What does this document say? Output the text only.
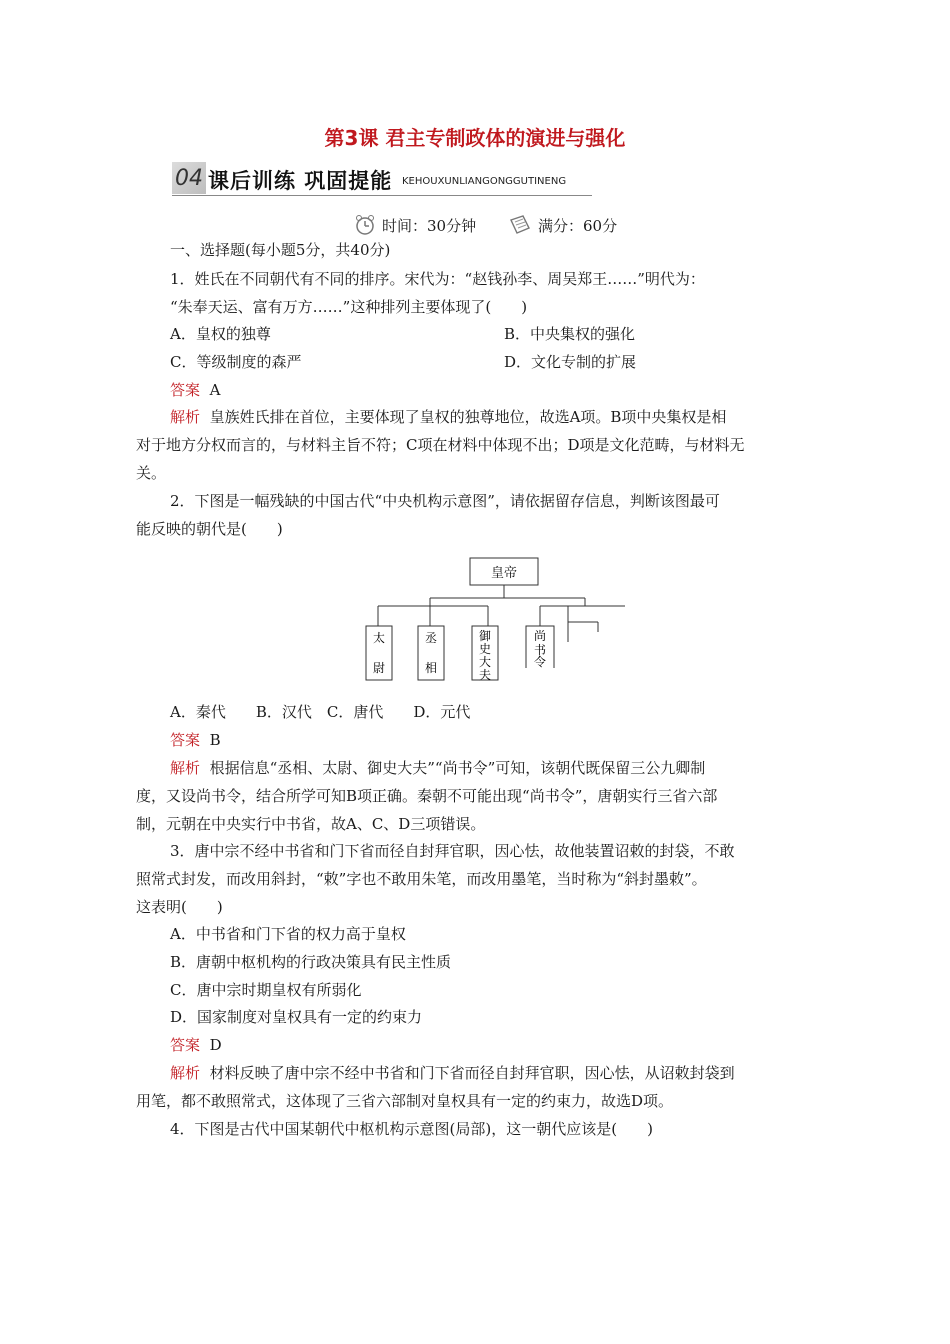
第3课 君主专制政体的演进与强化
04 课后训练 巩固提能 KEHOUXUNLIANGONGGUTINENG
时间：30分钟	满分：60分
一、选择题(每小题5分，共40分)
1．姓氏在不同朝代有不同的排序。宋代为：“赵钱孙李、周吴郑王……”明代为：
“朱奉天运、富有万方……”这种排列主要体现了(　　)
A．皇权的独尊	B．中央集权的强化
C．等级制度的森严	D．文化专制的扩展
答案 A
解析 皇族姓氏排在首位，主要体现了皇权的独尊地位，故选A项。B项中央集权是相
对于地方分权而言的，与材料主旨不符；C项在材料中体现不出；D项是文化范畴，与材料无
关。
2．下图是一幅残缺的中国古代“中央机构示意图”，请依据留存信息，判断该图最可
能反映的朝代是(　　)
皇帝
太
尉
丞
相
御
史
大
夫
尚
书
令
A．秦代　　B．汉代　C．唐代　　D．元代
答案 B
解析 根据信息“丞相、太尉、御史大夫”“尚书令”可知，该朝代既保留三公九卿制
度，又设尚书令，结合所学可知B项正确。秦朝不可能出现“尚书令”，唐朝实行三省六部
制，元朝在中央实行中书省，故A、C、D三项错误。
3．唐中宗不经中书省和门下省而径自封拜官职，因心怯，故他装置诏敕的封袋，不敢
照常式封发，而改用斜封，“敕”字也不敢用朱笔，而改用墨笔，当时称为“斜封墨敕”。
这表明(　　)
A．中书省和门下省的权力高于皇权
B．唐朝中枢机构的行政决策具有民主性质
C．唐中宗时期皇权有所弱化
D．国家制度对皇权具有一定的约束力
答案 D
解析 材料反映了唐中宗不经中书省和门下省而径自封拜官职，因心怯，从诏敕封袋到
用笔，都不敢照常式，这体现了三省六部制对皇权具有一定的约束力，故选D项。
4．下图是古代中国某朝代中枢机构示意图(局部)，这一朝代应该是(　　)
